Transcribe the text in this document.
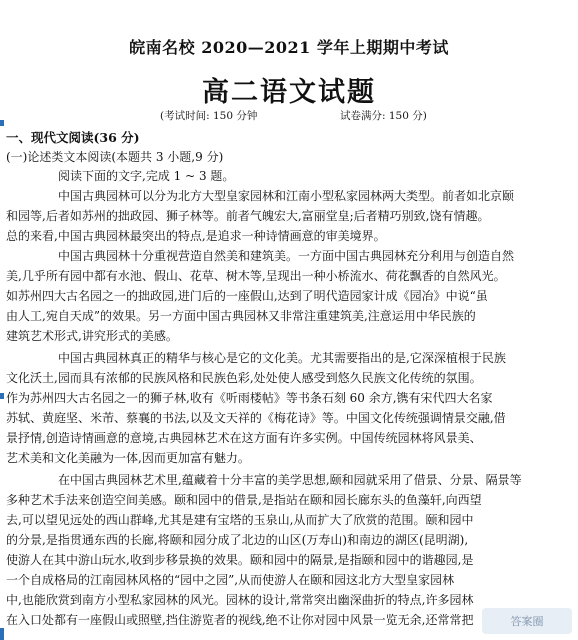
皖南名校 2020—2021 学年上期期中考试
高二语文试题
(考试时间: 150 分钟	试卷满分: 150 分)
一、现代文阅读(36 分)
(一)论述类文本阅读(本题共 3 小题,9 分)
阅读下面的文字,完成 1 ~ 3 题。
中国古典园林可以分为北方大型皇家园林和江南小型私家园林两大类型。前者如北京颐
和园等,后者如苏州的拙政园、狮子林等。前者气魄宏大,富丽堂皇;后者精巧别致,饶有情趣。
总的来看,中国古典园林最突出的特点,是追求一种诗情画意的审美境界。
中国古典园林十分重视营造自然美和建筑美。一方面中国古典园林充分利用与创造自然
美,几乎所有园中都有水池、假山、花草、树木等,呈现出一种小桥流水、荷花飘香的自然风光。
如苏州四大古名园之一的拙政园,进门后的一座假山,达到了明代造园家计成《园冶》中说“虽
由人工,宛自天成”的效果。另一方面中国古典园林又非常注重建筑美,注意运用中华民族的
建筑艺术形式,讲究形式的美感。
中国古典园林真正的精华与核心是它的文化美。尤其需要指出的是,它深深植根于民族
文化沃土,园而具有浓郁的民族风格和民族色彩,处处使人感受到悠久民族文化传统的氛围。
作为苏州四大古名园之一的狮子林,收有《听雨楼帖》等书条石刻 60 余方,镌有宋代四大名家
苏轼、黄庭坚、米芾、蔡襄的书法,以及文天祥的《梅花诗》等。中国文化传统强调情景交融,借
景抒情,创造诗情画意的意境,古典园林艺术在这方面有许多实例。中国传统园林将风景美、
艺术美和文化美融为一体,因而更加富有魅力。
在中国古典园林艺术里,蕴藏着十分丰富的美学思想,颐和园就采用了借景、分景、隔景等
多种艺术手法来创造空间美感。颐和园中的借景,是指站在颐和园长廊东头的鱼藻轩,向西望
去,可以望见远处的西山群峰,尤其是建有宝塔的玉泉山,从而扩大了欣赏的范围。颐和园中
的分景,是指贯通东西的长廊,将颐和园分成了北边的山区(万寿山)和南边的湖区(昆明湖),
使游人在其中游山玩水,收到步移景换的效果。颐和园中的隔景,是指颐和园中的谐趣园,是
一个自成格局的江南园林风格的“园中之园”,从而使游人在颐和园这北方大型皇家园林
中,也能欣赏到南方小型私家园林的风光。园林的设计,常常突出幽深曲折的特点,许多园林
在入口处都有一座假山或照壁,挡住游览者的视线,绝不让你对园中风景一览无余,还常常把	答案圈
